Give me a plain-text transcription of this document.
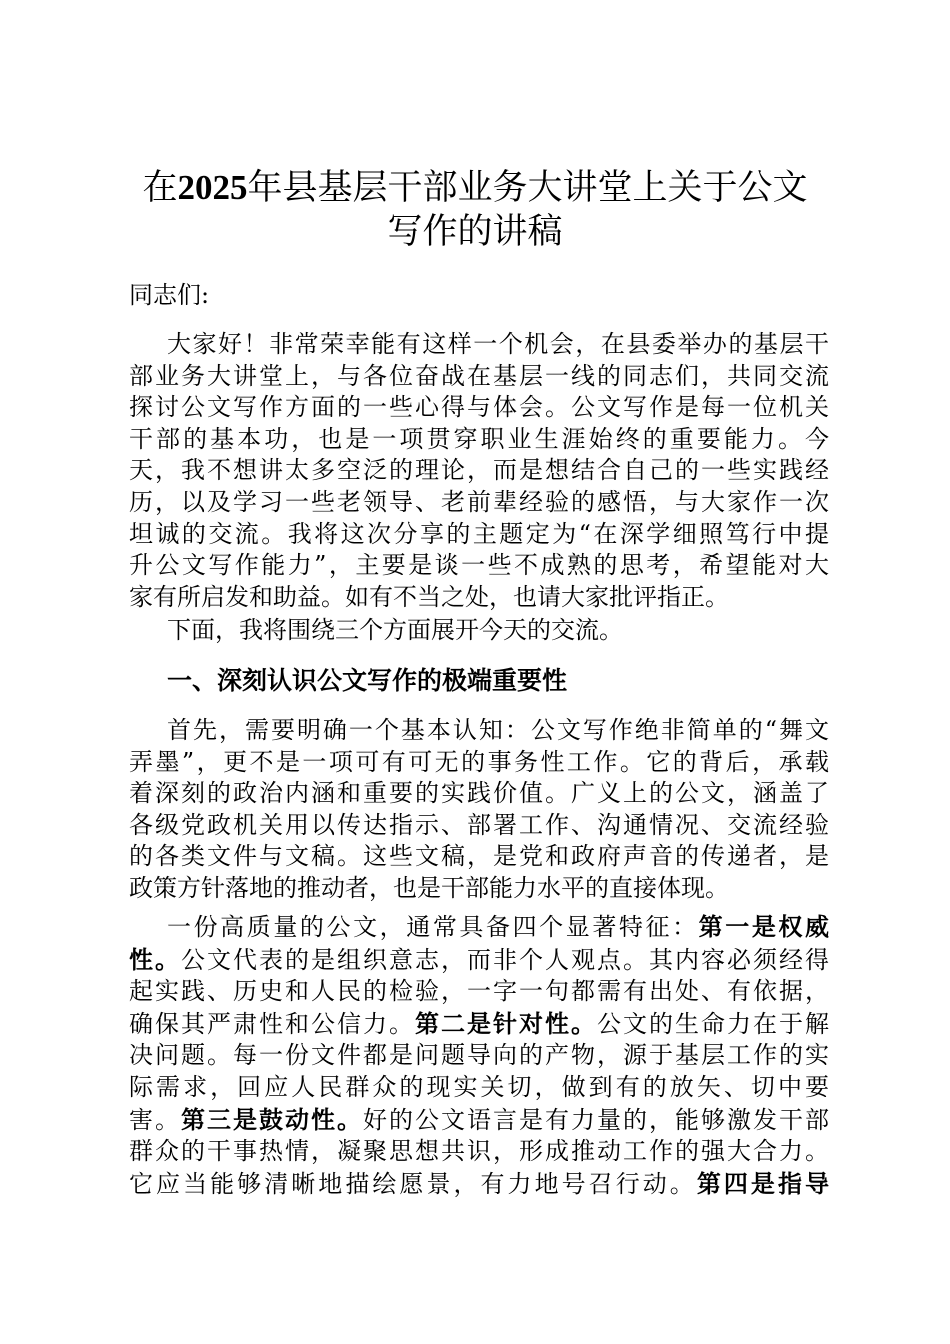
在2025年县基层干部业务大讲堂上关于公文
写作的讲稿

同志们:

大家好！非常荣幸能有这样一个机会，在县委举办的基层干
部业务大讲堂上，与各位奋战在基层一线的同志们，共同交流
探讨公文写作方面的一些心得与体会。公文写作是每一位机关
干部的基本功，也是一项贯穿职业生涯始终的重要能力。今
天，我不想讲太多空泛的理论，而是想结合自己的一些实践经
历，以及学习一些老领导、老前辈经验的感悟，与大家作一次
坦诚的交流。我将这次分享的主题定为“在深学细照笃行中提
升公文写作能力”，主要是谈一些不成熟的思考，希望能对大
家有所启发和助益。如有不当之处，也请大家批评指正。
下面，我将围绕三个方面展开今天的交流。
一、深刻认识公文写作的极端重要性
首先，需要明确一个基本认知：公文写作绝非简单的“舞文
弄墨”，更不是一项可有可无的事务性工作。它的背后，承载
着深刻的政治内涵和重要的实践价值。广义上的公文，涵盖了
各级党政机关用以传达指示、部署工作、沟通情况、交流经验
的各类文件与文稿。这些文稿，是党和政府声音的传递者，是
政策方针落地的推动者，也是干部能力水平的直接体现。
一份高质量的公文，通常具备四个显著特征：第一是权威
性。公文代表的是组织意志，而非个人观点。其内容必须经得
起实践、历史和人民的检验，一字一句都需有出处、有依据，
确保其严肃性和公信力。第二是针对性。公文的生命力在于解
决问题。每一份文件都是问题导向的产物，源于基层工作的实
际需求，回应人民群众的现实关切，做到有的放矢、切中要
害。第三是鼓动性。好的公文语言是有力量的，能够激发干部
群众的干事热情，凝聚思想共识，形成推动工作的强大合力。
它应当能够清晰地描绘愿景，有力地号召行动。第四是指导
